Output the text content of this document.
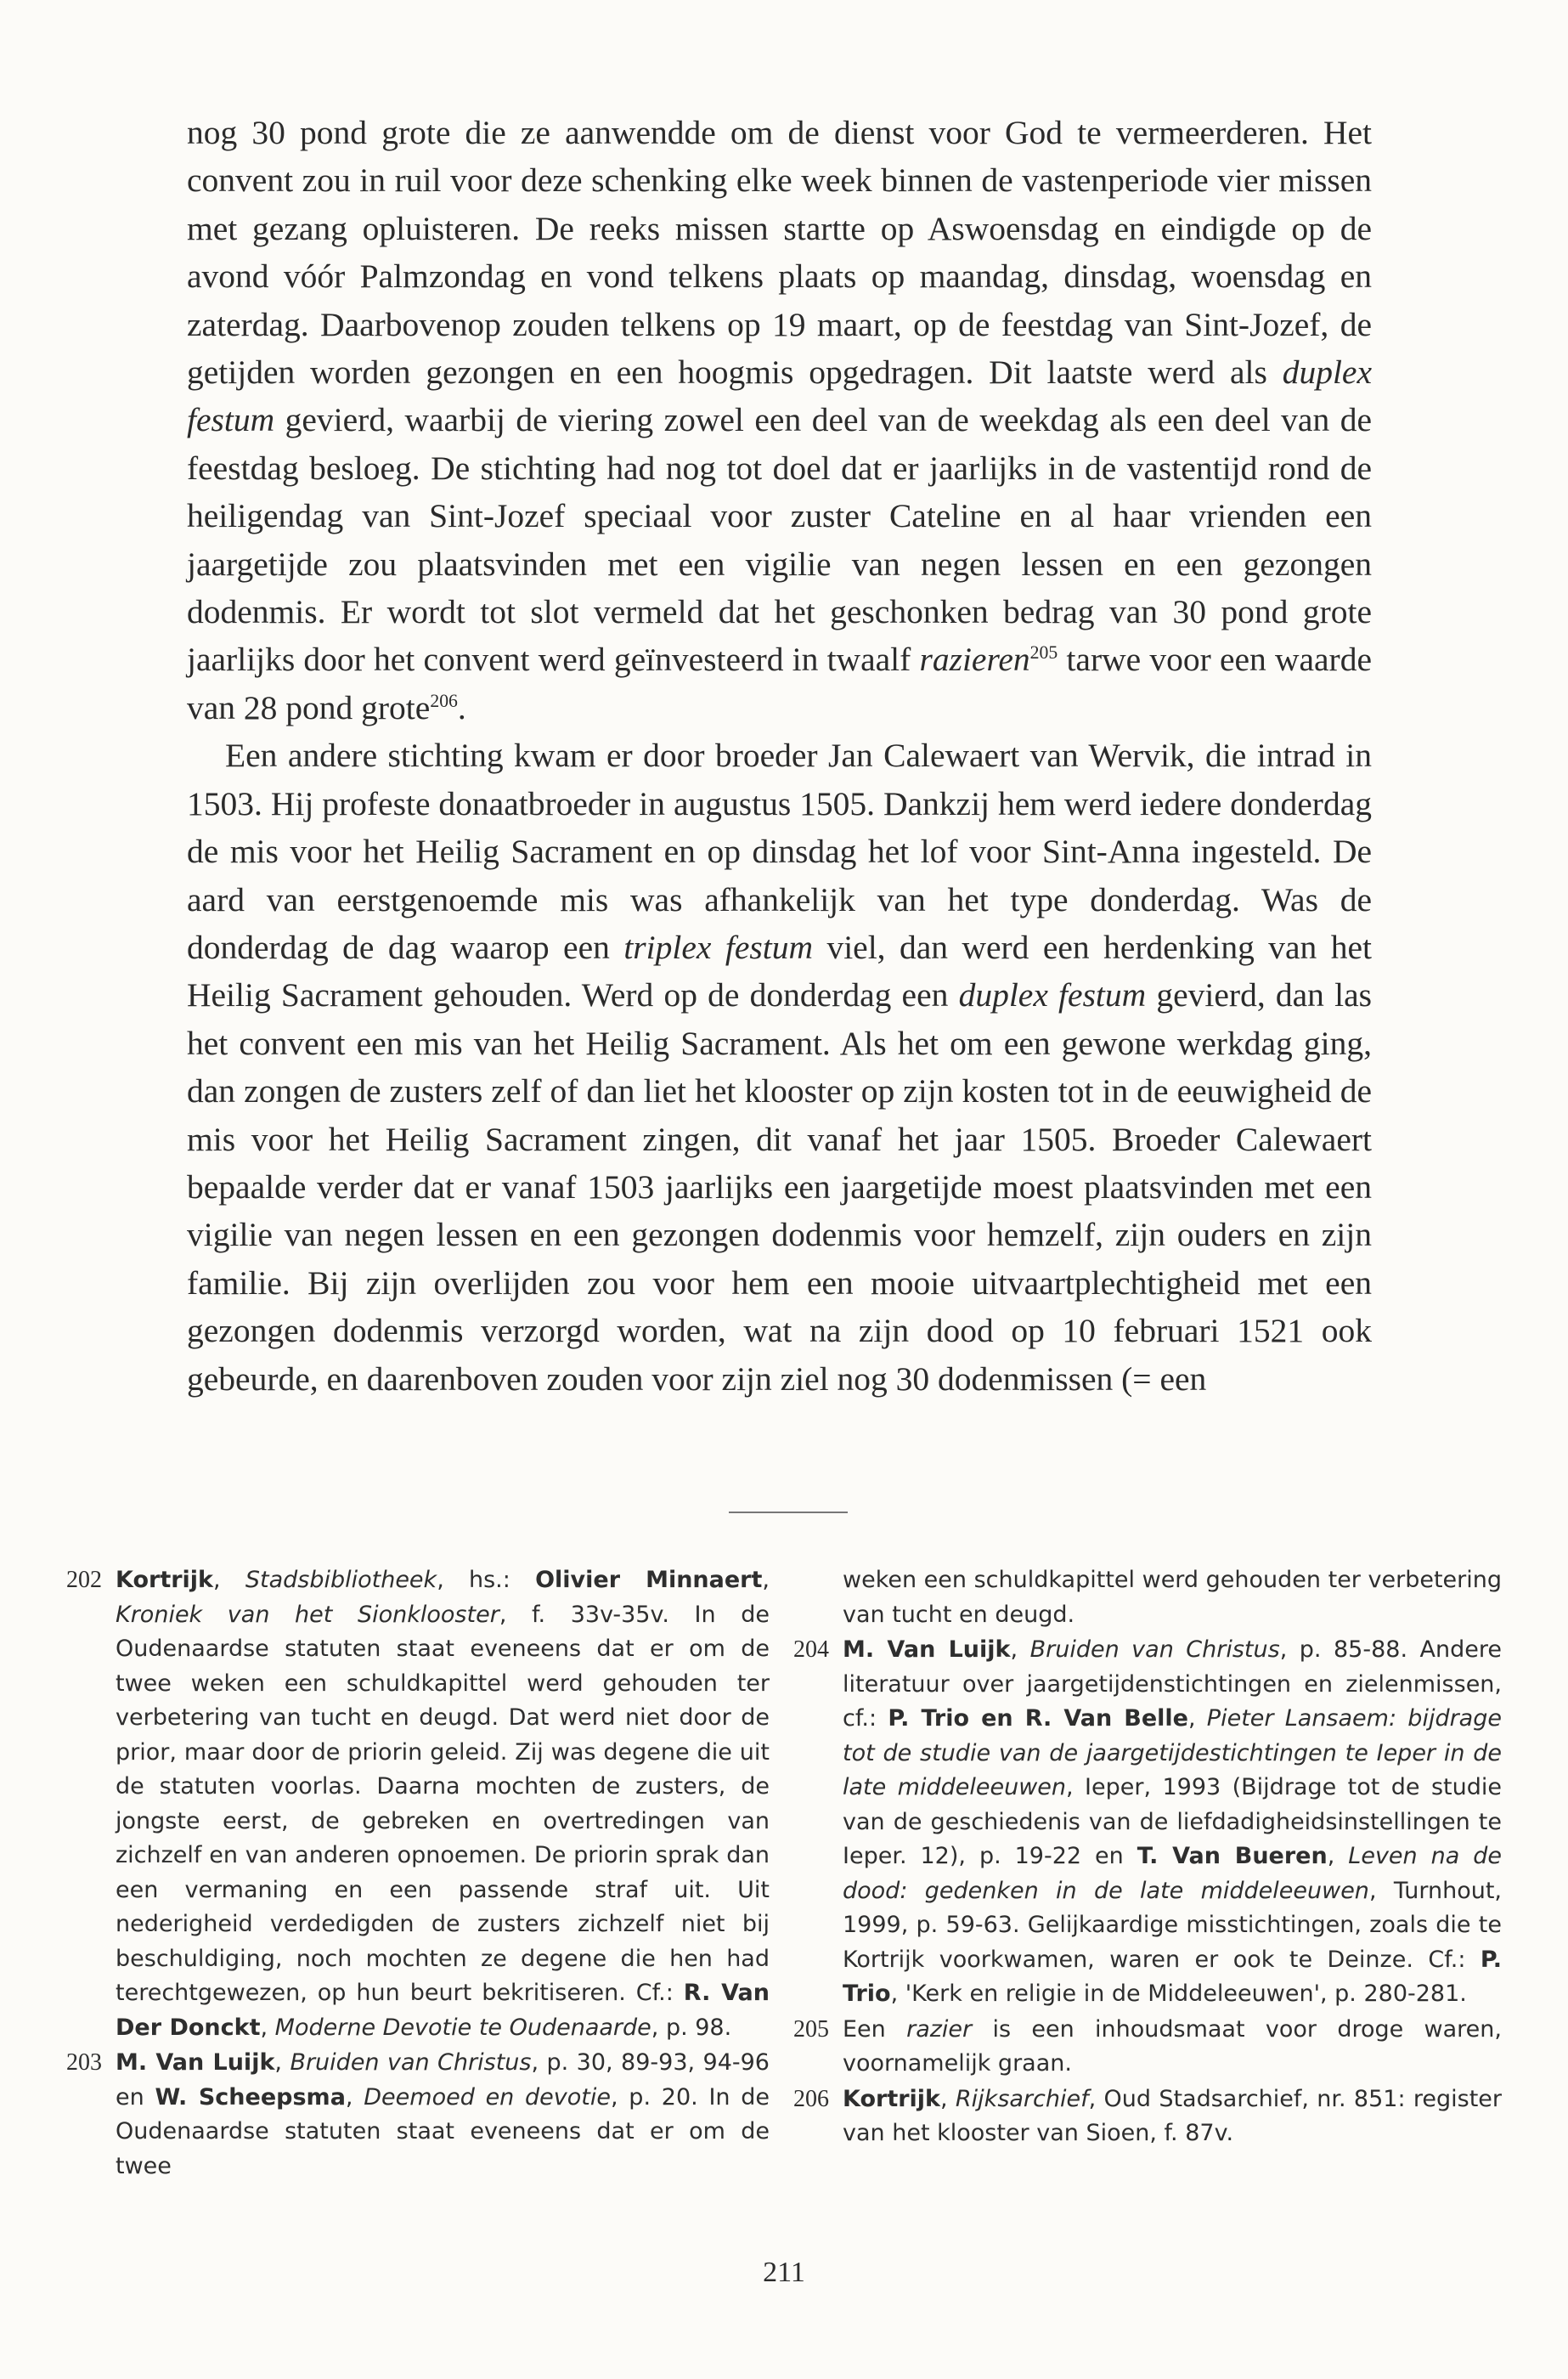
nog 30 pond grote die ze aanwendde om de dienst voor God te vermeerderen. Het convent zou in ruil voor deze schenking elke week binnen de vastenperiode vier missen met gezang opluisteren. De reeks missen startte op Aswoensdag en eindigde op de avond vóór Palmzondag en vond telkens plaats op maandag, dinsdag, woensdag en zaterdag. Daarbovenop zouden telkens op 19 maart, op de feestdag van Sint-Jozef, de getijden worden gezongen en een hoogmis opgedragen. Dit laatste werd als duplex festum gevierd, waarbij de viering zowel een deel van de weekdag als een deel van de feestdag besloeg. De stichting had nog tot doel dat er jaarlijks in de vastentijd rond de heiligendag van Sint-Jozef speciaal voor zuster Cateline en al haar vrienden een jaargetijde zou plaatsvinden met een vigilie van negen lessen en een gezongen dodenmis. Er wordt tot slot vermeld dat het geschonken bedrag van 30 pond grote jaarlijks door het convent werd geïnvesteerd in twaalf razieren$^{205}$ tarwe voor een waarde van 28 pond grote$^{206}$.

Een andere stichting kwam er door broeder Jan Calewaert van Wervik, die intrad in 1503. Hij profeste donaatbroeder in augustus 1505. Dankzij hem werd iedere donderdag de mis voor het Heilig Sacrament en op dinsdag het lof voor Sint-Anna ingesteld. De aard van eerstgenoemde mis was afhankelijk van het type donderdag. Was de donderdag de dag waarop een triplex festum viel, dan werd een herdenking van het Heilig Sacrament gehouden. Werd op de donderdag een duplex festum gevierd, dan las het convent een mis van het Heilig Sacrament. Als het om een gewone werkdag ging, dan zongen de zusters zelf of dan liet het klooster op zijn kosten tot in de eeuwigheid de mis voor het Heilig Sacrament zingen, dit vanaf het jaar 1505. Broeder Calewaert bepaalde verder dat er vanaf 1503 jaarlijks een jaargetijde moest plaatsvinden met een vigilie van negen lessen en een gezongen dodenmis voor hemzelf, zijn ouders en zijn familie. Bij zijn overlijden zou voor hem een mooie uitvaartplechtigheid met een gezongen dodenmis verzorgd worden, wat na zijn dood op 10 februari 1521 ook gebeurde, en daarenboven zouden voor zijn ziel nog 30 dodenmissen (= een

202 Kortrijk, Stadsbibliotheek, hs.: Olivier Minnaert, Kroniek van het Sionklooster, f. 33v-35v. In de Oudenaardse statuten staat eveneens dat er om de twee weken een schuldkapittel werd gehouden ter verbetering van tucht en deugd. Dat werd niet door de prior, maar door de priorin geleid. Zij was degene die uit de statuten voorlas. Daarna mochten de zusters, de jongste eerst, de gebreken en overtredingen van zichzelf en van anderen opnoemen. De priorin sprak dan een vermaning en een passende straf uit. Uit nederigheid verdedigden de zusters zichzelf niet bij beschuldiging, noch mochten ze degene die hen had terechtgewezen, op hun beurt bekritiseren. Cf.: R. Van Der Donckt, Moderne Devotie te Oudenaarde, p. 98.

203 M. Van Luijk, Bruiden van Christus, p. 30, 89-93, 94-96 en W. Scheepsma, Deemoed en devotie, p. 20. In de Oudenaardse statuten staat eveneens dat er om de twee

weken een schuldkapittel werd gehouden ter verbetering van tucht en deugd.

204 M. Van Luijk, Bruiden van Christus, p. 85-88. Andere literatuur over jaargetijdenstichtingen en zielenmissen, cf.: P. Trio en R. Van Belle, Pieter Lansaem: bijdrage tot de studie van de jaargetijdestichtingen te Ieper in de late middeleeuwen, Ieper, 1993 (Bijdrage tot de studie van de geschiedenis van de liefdadigheidsinstellingen te Ieper. 12), p. 19-22 en T. Van Bueren, Leven na de dood: gedenken in de late middeleeuwen, Turnhout, 1999, p. 59-63. Gelijkaardige misstichtingen, zoals die te Kortrijk voorkwamen, waren er ook te Deinze. Cf.: P. Trio, 'Kerk en religie in de Middeleeuwen', p. 280-281.

205 Een razier is een inhoudsmaat voor droge waren, voornamelijk graan.

206 Kortrijk, Rijksarchief, Oud Stadsarchief, nr. 851: register van het klooster van Sioen, f. 87v.

211
